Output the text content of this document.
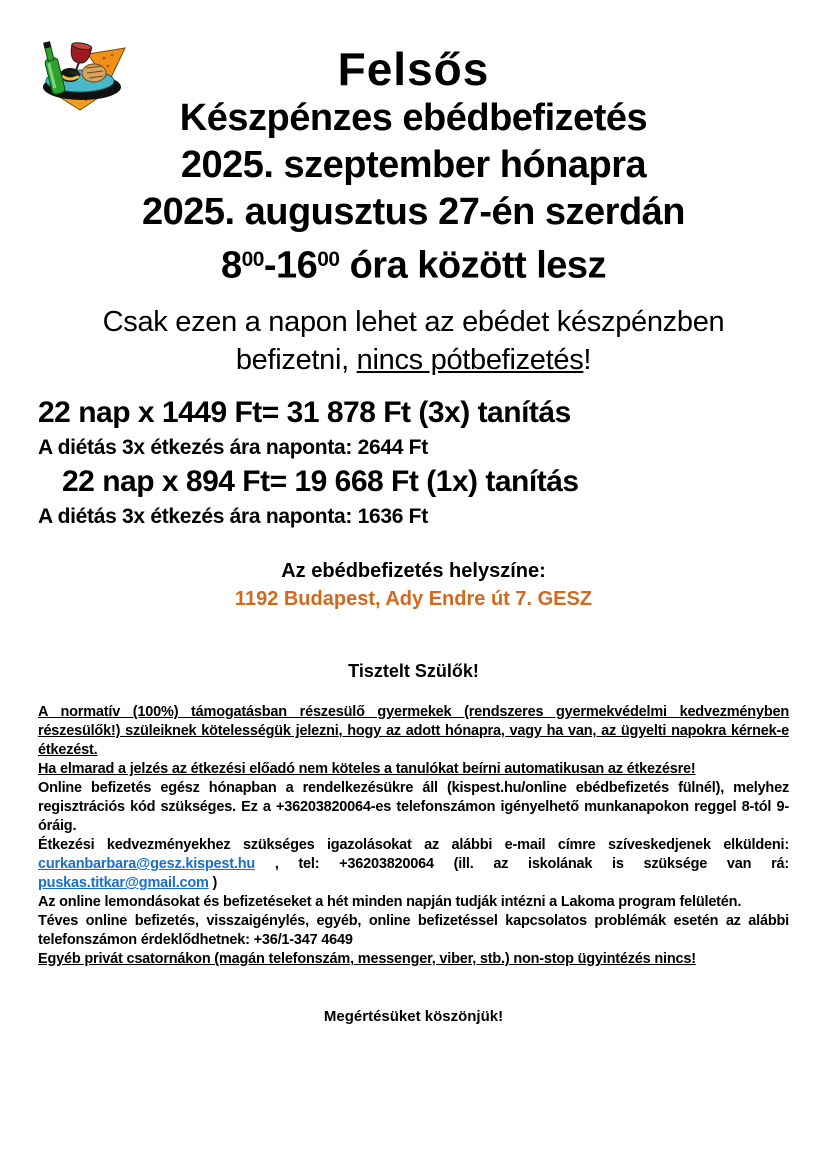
Felsős
Készpénzes ebédbefizetés
2025. szeptember hónapra
2025. augusztus 27-én szerdán
$8^{00}-16^{00}$ óra között lesz
Csak ezen a napon lehet az ebédet készpénzben
befizetni, nincs pótbefizetés!
22 nap x 1449 Ft= 31 878 Ft (3x) tanítás
A diétás 3x étkezés ára naponta: 2644 Ft
22 nap x 894 Ft= 19 668 Ft (1x) tanítás
A diétás 3x étkezés ára naponta: 1636 Ft
Az ebédbefizetés helyszíne:
1192 Budapest, Ady Endre út 7. GESZ
Tisztelt Szülők!

A normatív (100%) támogatásban részesülő gyermekek (rendszeres gyermekvédelmi kedvezményben részesülők!) szüleiknek kötelességük jelezni, hogy az adott hónapra, vagy ha van, az ügyelti napokra kérnek-e étkezést.

Ha elmarad a jelzés az étkezési előadó nem köteles a tanulókat beírni automatikusan az étkezésre!

Online befizetés egész hónapban a rendelkezésükre áll (kispest.hu/online ebédbefizetés fülnél), melyhez regisztrációs kód szükséges. Ez a +36203820064-es telefonszámon igényelhető munkanapokon reggel 8-tól 9-óráig.

Étkezési kedvezményekhez szükséges igazolásokat az alábbi e-mail címre szíveskedjenek elküldeni: curkanbarbara@gesz.kispest.hu , tel: +36203820064 (ill. az iskolának is szüksége van rá: puskas.titkar@gmail.com )

Az online lemondásokat és befizetéseket a hét minden napján tudják intézni a Lakoma program felületén.

Téves online befizetés, visszaigénylés, egyéb, online befizetéssel kapcsolatos problémák esetén az alábbi telefonszámon érdeklődhetnek: +36/1-347 4649

Egyéb privát csatornákon (magán telefonszám, messenger, viber, stb.) non-stop ügyintézés nincs!

Megértésüket köszönjük!
